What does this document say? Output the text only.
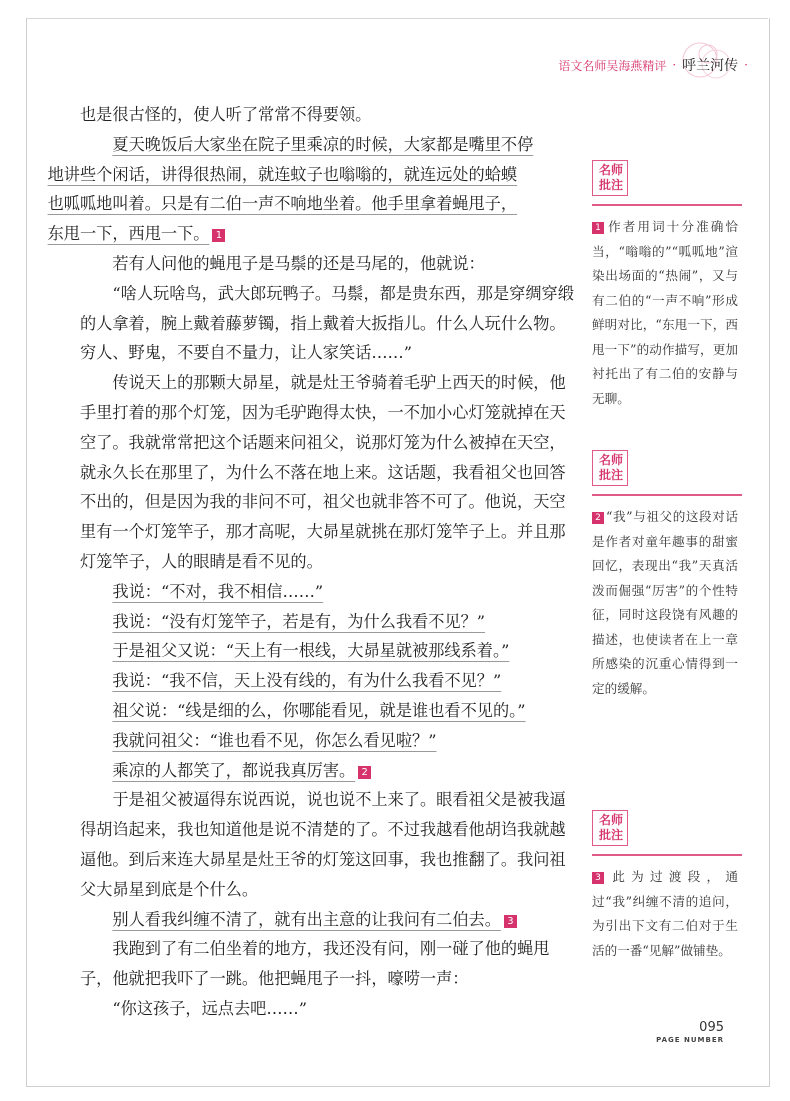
语文名师吴海燕精评 · 呼兰河传 ·

也是很古怪的，使人听了常常不得要领。

夏天晚饭后大家坐在院子里乘凉的时候，大家都是嘴里不停
地讲些个闲话，讲得很热闹，就连蚊子也嗡嗡的，就连远处的蛤蟆
也呱呱地叫着。只是有二伯一声不响地坐着。他手里拿着蝇甩子，
东甩一下，西甩一下。 1

若有人问他的蝇甩子是马鬃的还是马尾的，他就说：

“啥人玩啥鸟，武大郎玩鸭子。马鬃，都是贵东西，那是穿绸穿缎的人拿着，腕上戴着藤萝镯，指上戴着大扳指儿。什么人玩什么物。穷人、野鬼，不要自不量力，让人家笑话……”

传说天上的那颗大昴星，就是灶王爷骑着毛驴上西天的时候，他手里打着的那个灯笼，因为毛驴跑得太快，一不加小心灯笼就掉在天空了。我就常常把这个话题来问祖父，说那灯笼为什么被掉在天空，就永久长在那里了，为什么不落在地上来。这话题，我看祖父也回答不出的，但是因为我的非问不可，祖父也就非答不可了。他说，天空里有一个灯笼竿子，那才高呢，大昴星就挑在那灯笼竿子上。并且那灯笼竿子，人的眼睛是看不见的。

我说：“不对，我不相信……”

我说：“没有灯笼竿子，若是有，为什么我看不见？”

于是祖父又说：“天上有一根线，大昴星就被那线系着。”

我说：“我不信，天上没有线的，有为什么我看不见？”

祖父说：“线是细的么，你哪能看见，就是谁也看不见的。”

我就问祖父：“谁也看不见，你怎么看见啦？”

乘凉的人都笑了，都说我真厉害。 2

于是祖父被逼得东说西说，说也说不上来了。眼看祖父是被我逼得胡诌起来，我也知道他是说不清楚的了。不过我越看他胡诌我就越逼他。到后来连大昴星是灶王爷的灯笼这回事，我也推翻了。我问祖父大昴星到底是个什么。

别人看我纠缠不清了，就有出主意的让我问有二伯去。 3

我跑到了有二伯坐着的地方，我还没有问，刚一碰了他的蝇甩子，他就把我吓了一跳。他把蝇甩子一抖，嚎唠一声：

“你这孩子，远点去吧……”

名师
批注
1 作者用词十分准确恰当，“嗡嗡的”“呱呱地”渲染出场面的“热闹”，又与有二伯的“一声不响”形成鲜明对比，“东甩一下，西甩一下”的动作描写，更加衬托出了有二伯的安静与无聊。
名师
批注
2 “我”与祖父的这段对话是作者对童年趣事的甜蜜回忆，表现出“我”天真活泼而倔强“厉害”的个性特征，同时这段饶有风趣的描述，也使读者在上一章所感染的沉重心情得到一定的缓解。
名师
批注
3 此为过渡段，通过“我”纠缠不清的追问，为引出下文有二伯对于生活的一番“见解”做铺垫。
095
PAGE NUMBER
